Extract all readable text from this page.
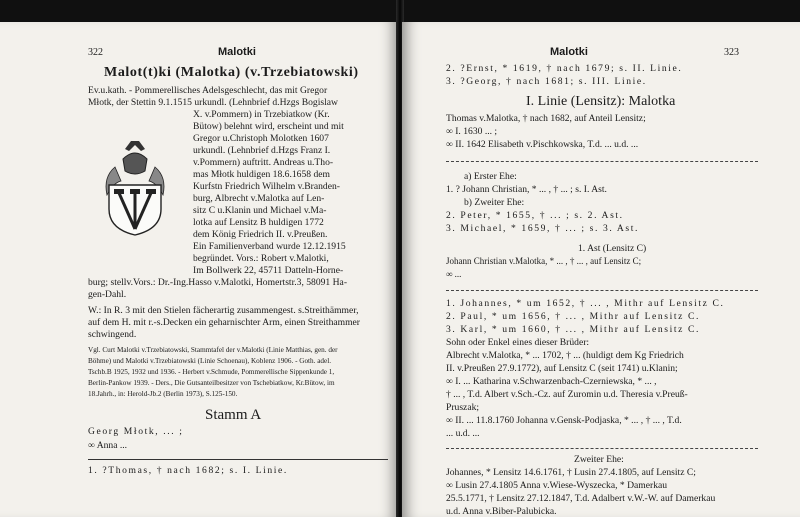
322	Malotki
Malot(t)ki (Malotka) (v.Trzebiatowski)
Ev.u.kath. - Pommerellisches Adelsgeschlecht, das mit Gregor
Młotk, der Stettin 9.1.1515 urkundl. (Lehnbrief d.Hzgs Bogislaw
X. v.Pommern) in Trzebiatkow (Kr.
Bütow) belehnt wird, erscheint und mit
Gregor u.Christoph Molotken 1607
urkundl. (Lehnbrief d.Hzgs Franz I.
v.Pommern) auftritt. Andreas u.Tho-
mas Młotk huldigen 18.6.1658 dem
Kurfstn Friedrich Wilhelm v.Branden-
burg, Albrecht v.Malotka auf Len-
sitz C u.Klanin und Michael v.Ma-
lotka auf Lensitz B huldigen 1772
dem König Friedrich II. v.Preußen.
Ein Familienverband wurde 12.12.1915
begründet. Vors.: Robert v.Malotki,
Im Bollwerk 22, 45711 Datteln-Horne-
burg; stellv.Vors.: Dr.-Ing.Hasso v.Malotki, Homertstr.3, 58091 Ha-
gen-Dahl.
W.: In R. 3 mit den Stielen fächerartig zusammengest. s.Streithämmer,
auf dem H. mit r.-s.Decken ein geharnischter Arm, einen Streithammer
schwingend.
Vgl. Curt Malotki v.Trzebiatowski, Stammtafel der v.Malotki (Linie Matthias, gen. der
Böhme) und Malotki v.Trzebiatowski (Linie Schoenau), Koblenz 1906. - Goth. adel.
Tschb.B 1925, 1932 und 1936. - Herbert v.Schmude, Pommerellische Sippenkunde 1,
Berlin-Pankow 1939. - Ders., Die Gutsanteilbesitzer von Tschebiatkow, Kr.Bütow, im
18.Jahrh., in: Herold-Jb.2 (Berlin 1973), S.125-150.
Stamm A
Georg Młotk, ... ;
∞ Anna ...
1. ?Thomas, † nach 1682; s. I. Linie.
Malotki	323
2. ?Ernst, * 1619, † nach 1679; s. II. Linie.
3. ?Georg, † nach 1681; s. III. Linie.
I. Linie (Lensitz): Malotka
Thomas v.Malotka, † nach 1682, auf Anteil Lensitz;
∞ I. 1630 ... ;
∞ II. 1642 Elisabeth v.Pischkowska, T.d. ... u.d. ...
a) Erster Ehe:
1. ? Johann Christian, * ... , † ... ; s. I. Ast.
b) Zweiter Ehe:
2. Peter, * 1655, † ... ; s. 2. Ast.
3. Michael, * 1659, † ... ; s. 3. Ast.
1. Ast (Lensitz C)
Johann Christian v.Malotka, * ... , † ... , auf Lensitz C;
∞ ...
1. Johannes, * um 1652, † ... , Mithr auf Lensitz C.
2. Paul, * um 1656, † ... , Mithr auf Lensitz C.
3. Karl, * um 1660, † ... , Mithr auf Lensitz C.
Sohn oder Enkel eines dieser Brüder:
Albrecht v.Malotka, * ... 1702, † ... (huldigt dem Kg Friedrich
II. v.Preußen 27.9.1772), auf Lensitz C (seit 1741) u.Klanin;
∞ I. ... Katharina v.Schwarzenbach-Czerniewska, * ... ,
† ... , T.d. Albert v.Sch.-Cz. auf Zuromin u.d. Theresia v.Preuß-
Pruszak;
∞ II. ... 11.8.1760 Johanna v.Gensk-Podjaska, * ... , † ... , T.d.
... u.d. ...
Zweiter Ehe:
Johannes, * Lensitz 14.6.1761, † Lusin 27.4.1805, auf Lensitz C;
∞ Lusin 27.4.1805 Anna v.Wiese-Wyszecka, * Damerkau
25.5.1771, † Lensitz 27.12.1847, T.d. Adalbert v.W.-W. auf Damerkau
u.d. Anna v.Biber-Palubicka.
